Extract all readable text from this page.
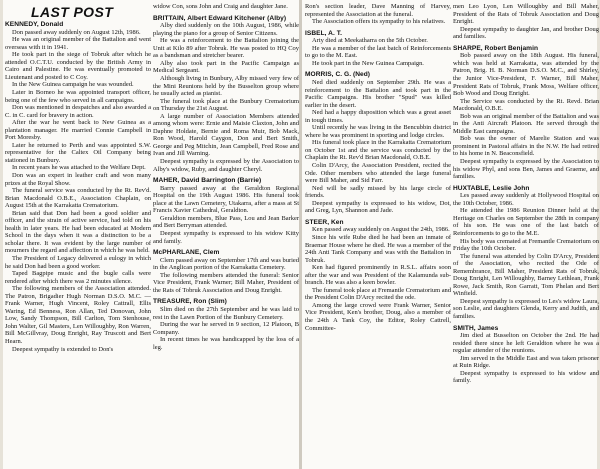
LAST POST

KENNEDY, Donald

Don passed away suddenly on August 12th, 1986.

He was an original member of the Battalion and went overseas with it in 1941.

He took part in the siege of Tobruk after which he attended O.C.T.U. conducted by the British Army in Cairo and Palestine. He was eventually promoted to Lieutenant and posted to C Coy.

In the New Guinea campaign he was wounded.

Later in Borneo he was appointed transport officer, being one of the few who served in all campaigns.

Don was mentioned in despatches and also awarded a C. in C. card for bravery in action.

After the war he went back to New Guinea as a plantation manager. He married Connie Campbell in Port Moresby.

Later he returned to Perth and was appointed S.W. representative for the Caltex Oil Company being stationed in Bunbury.

In recent years he was attached to the Welfare Dept.

Don was an expert in leather craft and won many prizes at the Royal Show.

The funeral service was conducted by the Rt. Rev'd. Brian Macdonald O.B.E., Association Chaplain, on August 15th at the Karrakatta Crematorium.

Brian said that Don had been a good soldier and officer, and the strain of active service, had told on his health in later years. He had been educated at Modern School in the days when it was a distinction to be a scholar there. It was evident by the large number of mourners the regard and affection in which he was held.

The President of Legacy delivered a eulogy in which he said Don had been a good worker.

Taped Bagpipe music and the bugle calls were rendered after which there was 2 minutes silence.

The following members of the Association attended. The Patron, Brigadier Hugh Norman D.S.O. M.C. — Frank Warner, Hugh Vincent, Roley Cattrall, Ellis Waring, Ed Benness, Ron Allan, Ted Donovan, John Low, Sandy Thompson, Bill Carlton, Tom Stenhouse, John Walter, Gil Masters, Len Willoughby, Ron Warren, Bill McGillvray, Doug Enright, Ray Truscott and Bert Hearn.

Deepest sympathy is extended to Don's

widow Con, sons John and Craig and daughter Jane.

BRITTAIN, Albert Edward Kitchener (Alby)

Alby died suddenly on the 10th August, 1986, while playing the piano for a group of Senior Citizens.

He was a reinforcement to the Battalion joining the Unit at Kilo 89 after Tobruk. He was posted to HQ Coy as a bandsman and stretcher bearer.

Alby also took part in the Pacific Campaign as Medical Sergeant.

Although living in Bunbury, Alby missed very few of the Mini Reunions held by the Busselton group where he usually acted as pianist.

The funeral took place at the Bunbury Crematorium on Thursday the 21st August.

A large number of Association Members attended among whom were: Ernie and Maisie Claxton, John and Daphne Holdate, Bernie and Roma Muir, Bob Mack, Ron Wood, Harold Caygon, Don and Bert Smith, George and Peg Mitchin, Jean Campbell, Fred Rose and Ivan and Jill Warning.

Deepest sympathy is expressed by the Association to Alby's widow, Ruby, and daughter Cheryl.

MAHER, David Barrington (Barrie)

Barry passed away at the Geraldton Regional Hospital on the 19th August 1986. His funeral took place at the Lawn Cemetery, Utakarra, after a mass at St Francis Xavier Cathedral, Geraldton.

Geraldton members, Blue Pass, Lou and Jean Barker and Bert Berryman attended.

Deepest sympathy is expressed to his widow Kitty and family.

McPHARLANE, Clem

Clem passed away on September 17th and was buried in the Anglican portion of the Karrakatta Cemetery.

The following members attended the funeral: Senior Vice President, Frank Warner; Bill Maher, President of the Rats of Tobruk Association and Doug Enright.

TREASURE, Ron (Slim)

Slim died on the 27th September and he was laid to rest in the Lawn Portion of the Bunbury Cemetery.

During the war he served in 9 section, 12 Platoon, B Company.

In recent times he was handicapped by the loss of a leg.

Ron's section leader, Dave Manning of Harvey, represented the Association at the funeral.

The Association offers its sympathy to his relatives.

ISBEL, A. T.

Arty died at Meekatharra on the 5th October.

He was a member of the last batch of Reinforcements to go to the M. East.

He took part in the New Guinea Campaign.

MORRIS, C. G. (Ned)

Ned died suddenly on September 29th. He was a reinforcement to the Battalion and took part in the Pacific Campaigns. His brother "Spud" was killed earlier in the desert.

Ned had a happy disposition which was a great asset in tough times.

Until recently he was living in the Bencubbin district where he was prominent in sporting and lodge circles.

His funeral took place in the Karrakatta Crematorium on October 1st and the service was conducted by the Chaplain the Rt. Rev'd Brian Macdonald, O.B.E.

Colin D'Arcy, the Association President, recited the Ode. Other members who attended the large funeral were Bill Maher, and Sid Farr.

Ned will be sadly missed by his large circle of friends.

Deepest sympathy is expressed to his widow, Dot, and Greg, Lyn, Shannon and Jade.

STEER, Ken

Ken passed away suddenly on August the 24th, 1986.

Since his wife Rube died he had been an inmate of Braemar House where he died. He was a member of the 24th Anti Tank Company and was with the Battalion in Tobruk.

Ken had figured prominently in R.S.L. affairs soon after the war and was President of the Kalamunda sub-branch. He was also a keen bowler.

The funeral took place at Fremantle Crematorium and the President Colin D'Arcy recited the ode.

Among the large crowd were Frank Warner, Senior Vice President, Ken's brother, Doug, also a member of the 24th A Tank Coy, the Editor, Roley Cattrell, Committee-

men Leo Lyon, Len Willoughby and Bill Maher, President of the Rats of Tobruk Association and Doug Enright.

Deepest sympathy to daughter Jan, and brother Doug and families.

SHARPE, Robert Benjamin

Bob passed away on the 18th August. His funeral, which was held at Karrakatta, was attended by the Patron, Brig. H. B. Norman D.S.O. M.C., and Shirley, the Junior Vice-President, F. Warner, Bill Maher, President Rats of Tobruk, Frank Moss, Welfare officer, Bob Wood and Doug Enright.

The Service was conducted by the Rt. Revd. Brian Macdonald, O.B.E.

Bob was an original member of the Battalion and was in the Anti Aircraft Platoon. He served through the Middle East campaigns.

Bob was the owner of Marelie Station and was prominent in Pastoral affairs in the N.W. He had retired to his home in N. Beaconsfield.

Deepest sympathy is expressed by the Association to his widow Phyl, and sons Ben, James and Graeme, and families.

HUXTABLE, Leslie John

Les passed away suddenly at Hollywood Hospital on the 10th October, 1986.

He attended the 1986 Reunion Dinner held at the Heritage on Charles on September the 28th in company of his son. He was one of the last batch of Reinforcements to go to the M.E.

His body was cremated at Fremantle Crematorium on Friday the 10th October.

The funeral was attended by Colin D'Arcy, President of the Association, who recited the Ode of Remembrance, Bill Maher, President Rats of Tobruk, Doug Enright, Len Willoughby, Barney Lethlean, Frank Rowe, Jack Smith, Ron Garratt, Tom Phelan and Bert Winfield.

Deepest sympathy is expressed to Les's widow Laura, son Leslie, and daughters Glenda, Kerry and Judith, and families.

SMITH, James

Jim died at Busselton on October the 2nd. He had resided there since he left Geraldton where he was a regular attender of the reunions.

Jim served in the Middle East and was taken prisoner at Ruin Ridge.

Deepest sympathy is expressed to his widow and family.
